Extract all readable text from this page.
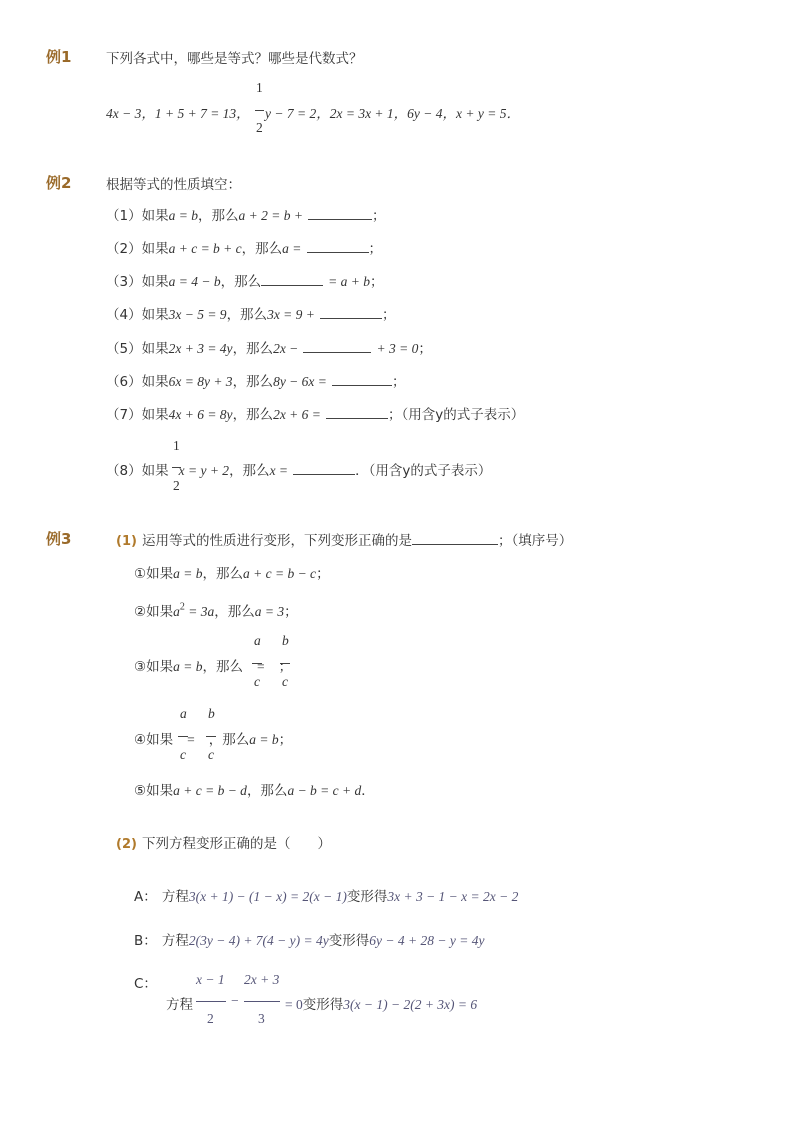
例1	下列各式中，哪些是等式？哪些是代数式？
1
2
4x − 3，1 + 5 + 7 = 13， y − 7 = 2，2x = 3x + 1，6y − 4，x + y = 5．
例2	根据等式的性质填空：
（1）如果a = b，那么a + 2 = b +	；
（2）如果a + c = b + c，那么a =	；
（3）如果a = 4 − b，那么	= a + b；
（4）如果3x − 5 = 9，那么3x = 9 +	；
（5）如果2x + 3 = 4y，那么2x −	+ 3 = 0；
（6）如果6x = 8y + 3，那么8y − 6x =	；
（7）如果4x + 6 = 8y，那么2x + 6 =	；（用含y的式子表示）
1
2
（8）如果 x = y + 2，那么x =	．（用含y的式子表示）
例3	(1) 运用等式的性质进行变形，下列变形正确的是	；（填序号）
①如果a = b，那么a + c = b − c；
②如果$a^2 = 3a$，那么a = 3；
a b
c c
③如果a = b，那么 = ；
a b
c c
④如果 = ，那么a = b；
⑤如果a + c = b − d，那么a − b = c + d．
(2) 下列方程变形正确的是（　　）
A： 方程3(x + 1) − (1 − x) = 2(x − 1)变形得3x + 3 − 1 − x = 2x − 2
B： 方程2(3y − 4) + 7(4 − y) = 4y变形得6y − 4 + 28 − y = 4y
C：	x − 1
2
−
2x + 3
3
方程	= 0变形得3(x − 1) − 2(2 + 3x) = 6
